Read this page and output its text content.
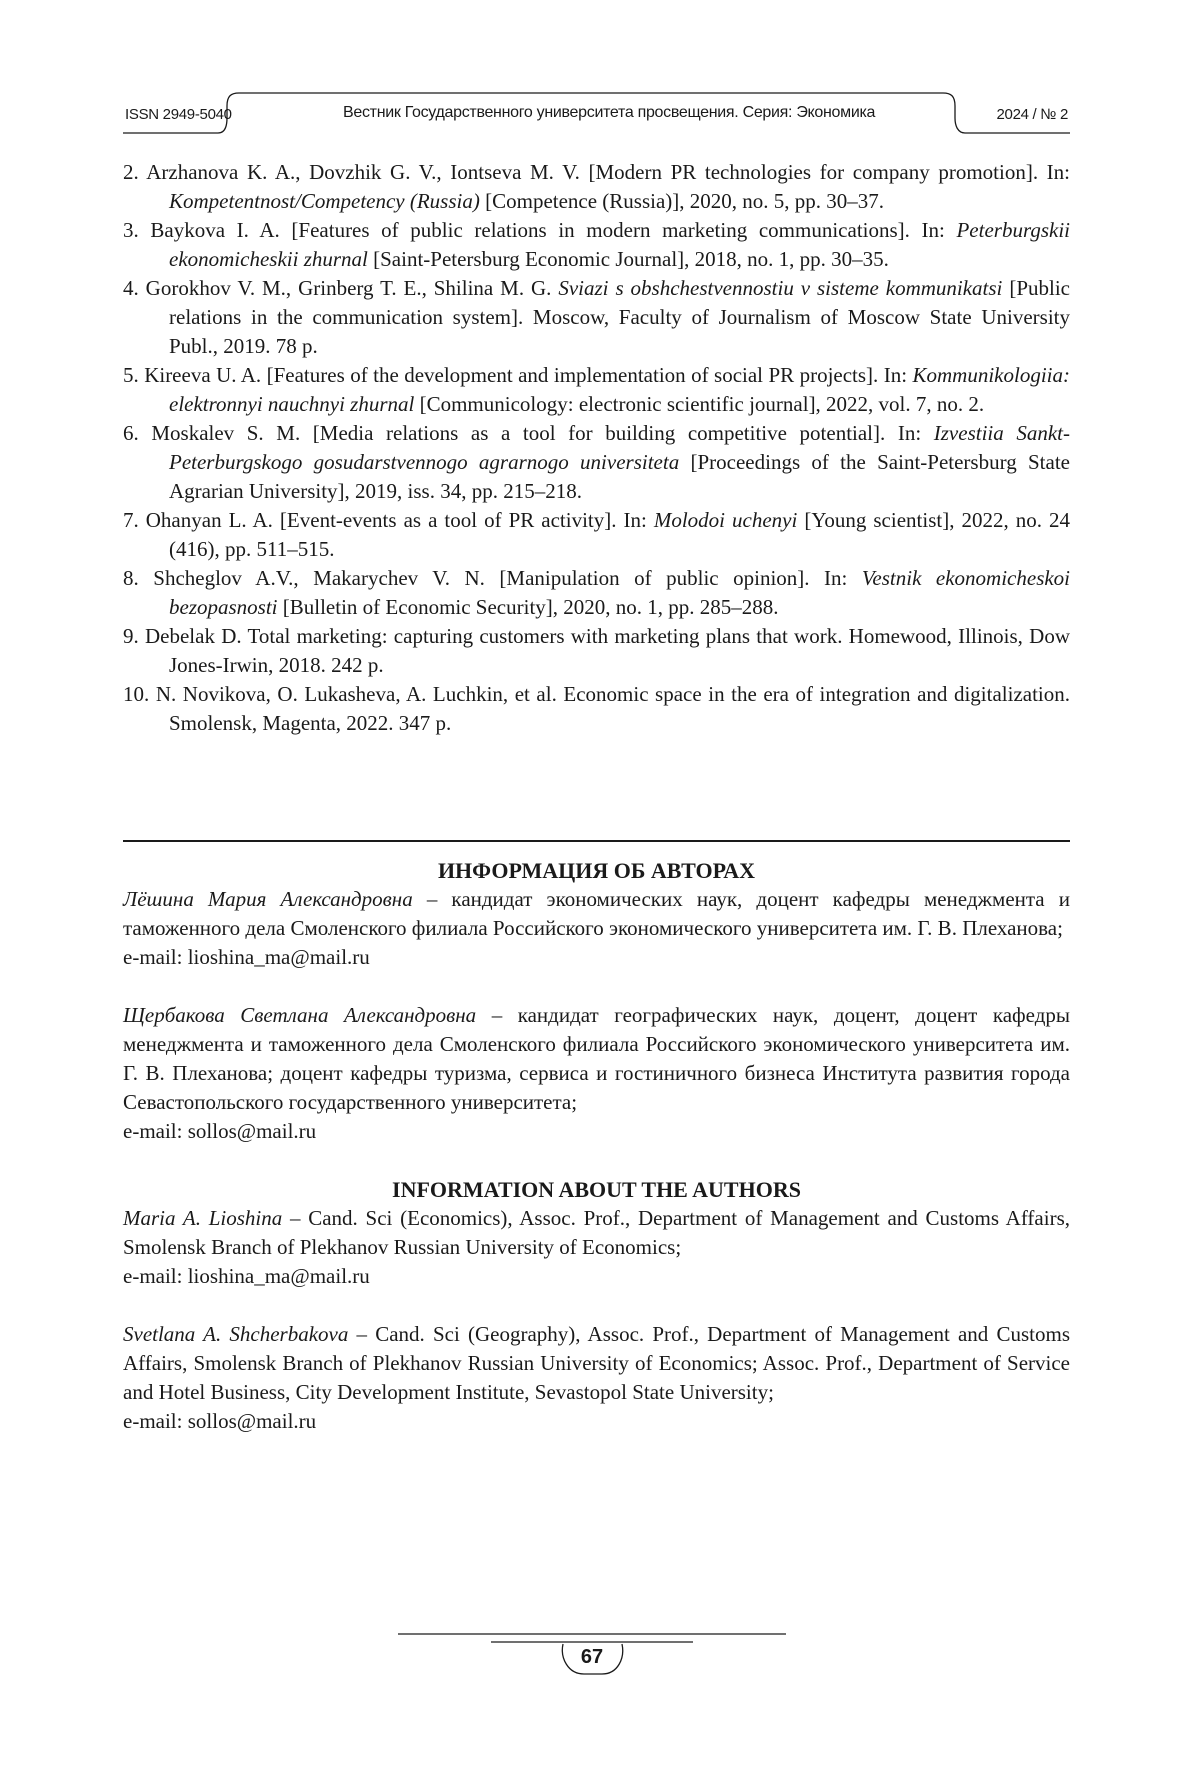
ISSN 2949-5040	Вестник Государственного университета просвещения. Серия: Экономика	2024 / № 2

2. Arzhanova K. A., Dovzhik G. V., Iontseva M. V. [Modern PR technologies for company promotion]. In: Kompetentnost/Competency (Russia) [Competence (Russia)], 2020, no. 5, pp. 30–37.

3. Baykova I. A. [Features of public relations in modern marketing communications]. In: Peterburgskii ekonomicheskii zhurnal [Saint-Petersburg Economic Journal], 2018, no. 1, pp. 30–35.

4. Gorokhov V. M., Grinberg T. E., Shilina M. G. Sviazi s obshchestvennostiu v sisteme kommunikatsi [Public relations in the communication system]. Moscow, Faculty of Journalism of Moscow State University Publ., 2019. 78 p.

5. Kireeva U. A. [Features of the development and implementation of social PR projects]. In: Kommunikologiia: elektronnyi nauchnyi zhurnal [Communicology: electronic scientific journal], 2022, vol. 7, no. 2.

6. Moskalev S. M. [Media relations as a tool for building competitive potential]. In: Izvestiia Sankt-Peterburgskogo gosudarstvennogo agrarnogo universiteta [Proceedings of the Saint-Petersburg State Agrarian University], 2019, iss. 34, pp. 215–218.

7. Ohanyan L. A. [Event-events as a tool of PR activity]. In: Molodoi uchenyi [Young scientist], 2022, no. 24 (416), pp. 511–515.

8. Shcheglov A.V., Makarychev V. N. [Manipulation of public opinion]. In: Vestnik ekonomicheskoi bezopasnosti [Bulletin of Economic Security], 2020, no. 1, pp. 285–288.

9. Debelak D. Total marketing: capturing customers with marketing plans that work. Homewood, Illinois, Dow Jones-Irwin, 2018. 242 p.

10. N. Novikova, O. Lukasheva, A. Luchkin, et al. Economic space in the era of integration and digitalization. Smolensk, Magenta, 2022. 347 p.

ИНФОРМАЦИЯ ОБ АВТОРАХ

Лёшина Мария Александровна – кандидат экономических наук, доцент кафедры менеджмента и таможенного дела Смоленского филиала Российского экономического университета им. Г. В. Плеханова;

e-mail: lioshina_ma@mail.ru

Щербакова Светлана Александровна – кандидат географических наук, доцент, доцент кафедры менеджмента и таможенного дела Смоленского филиала Российского экономического университета им. Г. В. Плеханова; доцент кафедры туризма, сервиса и гостиничного бизнеса Института развития города Севастопольского государственного университета;

e-mail: sollos@mail.ru

INFORMATION ABOUT THE AUTHORS

Maria A. Lioshina – Cand. Sci (Economics), Assoc. Prof., Department of Management and Customs Affairs, Smolensk Branch of Plekhanov Russian University of Economics;

e-mail: lioshina_ma@mail.ru

Svetlana A. Shcherbakova – Cand. Sci (Geography), Assoc. Prof., Department of Management and Customs Affairs, Smolensk Branch of Plekhanov Russian University of Economics; Assoc. Prof., Department of Service and Hotel Business, City Development Institute, Sevastopol State University;

e-mail: sollos@mail.ru

67
